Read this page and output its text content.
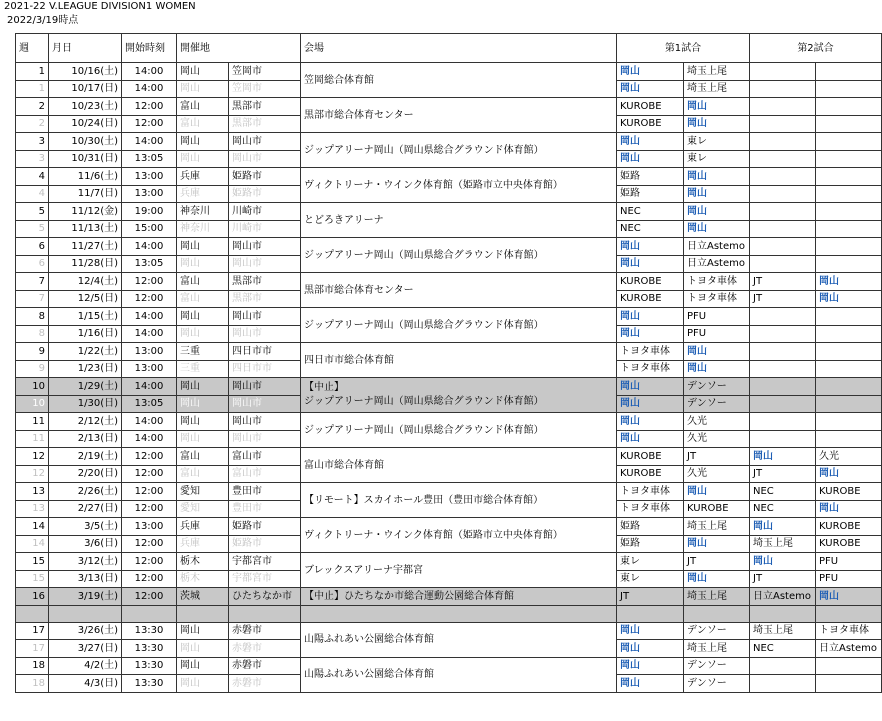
2021-22 V.LEAGUE DIVISION1 WOMEN
2022/3/19時点
週	月日	開始時刻	開催地		会場	第1試合		第2試合	
1	10/16(土)	14:00	岡山	笠岡市	笠岡総合体育館	岡山	埼玉上尾		
1	10/17(日)	14:00	岡山	笠岡市		岡山	埼玉上尾		
2	10/23(土)	12:00	富山	黒部市	黒部市総合体育センター	KUROBE	岡山		
2	10/24(日)	12:00	富山	黒部市		KUROBE	岡山		
3	10/30(土)	14:00	岡山	岡山市	ジップアリーナ岡山（岡山県総合グラウンド体育館）	岡山	東レ		
3	10/31(日)	13:05	岡山	岡山市		岡山	東レ		
4	11/6(土)	13:00	兵庫	姫路市	ヴィクトリーナ・ウインク体育館（姫路市立中央体育館）	姫路	岡山		
4	11/7(日)	13:00	兵庫	姫路市		姫路	岡山		
5	11/12(金)	19:00	神奈川	川崎市	とどろきアリーナ	NEC	岡山		
5	11/13(土)	15:00	神奈川	川崎市		NEC	岡山		
6	11/27(土)	14:00	岡山	岡山市	ジップアリーナ岡山（岡山県総合グラウンド体育館）	岡山	日立Astemo		
6	11/28(日)	13:05	岡山	岡山市		岡山	日立Astemo		
7	12/4(土)	12:00	富山	黒部市	黒部市総合体育センター	KUROBE	トヨタ車体	JT	岡山
7	12/5(日)	12:00	富山	黒部市		KUROBE	トヨタ車体	JT	岡山
8	1/15(土)	14:00	岡山	岡山市	ジップアリーナ岡山（岡山県総合グラウンド体育館）	岡山	PFU		
8	1/16(日)	14:00	岡山	岡山市		岡山	PFU		
9	1/22(土)	13:00	三重	四日市市	四日市市総合体育館	トヨタ車体	岡山		
9	1/23(日)	13:00	三重	四日市市		トヨタ車体	岡山		
10	1/29(土)	14:00	岡山	岡山市	【中止】
ジップアリーナ岡山（岡山県総合グラウンド体育館）	岡山	デンソー		
10	1/30(日)	13:05	岡山	岡山市		岡山	デンソー		
11	2/12(土)	14:00	岡山	岡山市	ジップアリーナ岡山（岡山県総合グラウンド体育館）	岡山	久光		
11	2/13(日)	14:00	岡山	岡山市		岡山	久光		
12	2/19(土)	12:00	富山	富山市	富山市総合体育館	KUROBE	JT	岡山	久光
12	2/20(日)	12:00	富山	富山市		KUROBE	久光	JT	岡山
13	2/26(土)	12:00	愛知	豊田市	【リモート】スカイホール豊田（豊田市総合体育館）	トヨタ車体	岡山	NEC	KUROBE
13	2/27(日)	12:00	愛知	豊田市		トヨタ車体	KUROBE	NEC	岡山
14	3/5(土)	13:00	兵庫	姫路市	ヴィクトリーナ・ウインク体育館（姫路市立中央体育館）	姫路	埼玉上尾	岡山	KUROBE
14	3/6(日)	12:00	兵庫	姫路市		姫路	岡山	埼玉上尾	KUROBE
15	3/12(土)	12:00	栃木	宇都宮市	ブレックスアリーナ宇都宮	東レ	JT	岡山	PFU
15	3/13(日)	12:00	栃木	宇都宮市		東レ	岡山	JT	PFU
16	3/19(土)	12:00	茨城	ひたちなか市	【中止】ひたちなか市総合運動公園総合体育館	JT	埼玉上尾	日立Astemo	岡山

17	3/26(土)	13:30	岡山	赤磐市	山陽ふれあい公園総合体育館	岡山	デンソー	埼玉上尾	トヨタ車体
17	3/27(日)	13:30	岡山	赤磐市		岡山	埼玉上尾	NEC	日立Astemo
18	4/2(土)	13:30	岡山	赤磐市	山陽ふれあい公園総合体育館	岡山	デンソー		
18	4/3(日)	13:30	岡山	赤磐市		岡山	デンソー		
